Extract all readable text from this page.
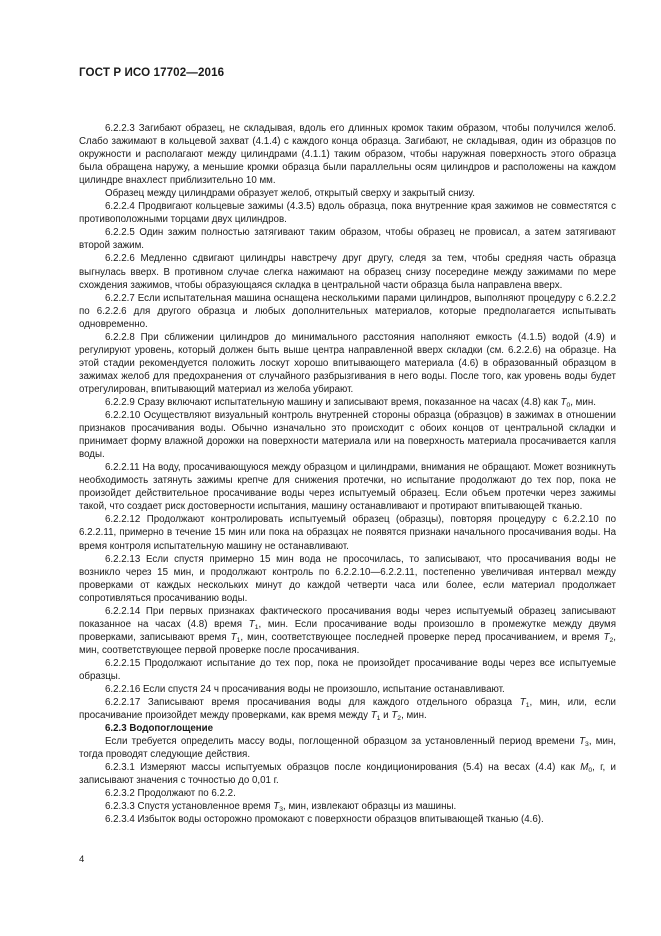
ГОСТ Р ИСО 17702—2016

6.2.2.3 Загибают образец, не складывая, вдоль его длинных кромок таким образом, чтобы получился желоб. Слабо зажимают в кольцевой захват (4.1.4) с каждого конца образца. Загибают, не складывая, один из образцов по окружности и располагают между цилиндрами (4.1.1) таким образом, чтобы наружная поверхность этого образца была обращена наружу, а меньшие кромки образца были параллельны осям цилиндров и расположены на каждом цилиндре внахлест приблизительно 10 мм.

Образец между цилиндрами образует желоб, открытый сверху и закрытый снизу.

6.2.2.4 Продвигают кольцевые зажимы (4.3.5) вдоль образца, пока внутренние края зажимов не совместятся с противоположными торцами двух цилиндров.

6.2.2.5 Один зажим полностью затягивают таким образом, чтобы образец не провисал, а затем затягивают второй зажим.

6.2.2.6 Медленно сдвигают цилиндры навстречу друг другу, следя за тем, чтобы средняя часть образца выгнулась вверх. В противном случае слегка нажимают на образец снизу посередине между зажимами по мере схождения зажимов, чтобы образующаяся складка в центральной части образца была направлена вверх.

6.2.2.7 Если испытательная машина оснащена несколькими парами цилиндров, выполняют процедуру с 6.2.2.2 по 6.2.2.6 для другого образца и любых дополнительных материалов, которые предполагается испытывать одновременно.

6.2.2.8 При сближении цилиндров до минимального расстояния наполняют емкость (4.1.5) водой (4.9) и регулируют уровень, который должен быть выше центра направленной вверх складки (см. 6.2.2.6) на образце. На этой стадии рекомендуется положить лоскут хорошо впитывающего материала (4.6) в образованный образцом в зажимах желоб для предохранения от случайного разбрызгивания в него воды. После того, как уровень воды будет отрегулирован, впитывающий материал из желоба убирают.

6.2.2.9 Сразу включают испытательную машину и записывают время, показанное на часах (4.8) как $T_0$, мин.

6.2.2.10 Осуществляют визуальный контроль внутренней стороны образца (образцов) в зажимах в отношении признаков просачивания воды. Обычно изначально это происходит с обоих концов от центральной складки и принимает форму влажной дорожки на поверхности материала или на поверхность материала просачивается капля воды.

6.2.2.11 На воду, просачивающуюся между образцом и цилиндрами, внимания не обращают. Может возникнуть необходимость затянуть зажимы крепче для снижения протечки, но испытание продолжают до тех пор, пока не произойдет действительное просачивание воды через испытуемый образец. Если объем протечки через зажимы такой, что создает риск достоверности испытания, машину останавливают и протирают впитывающей тканью.

6.2.2.12 Продолжают контролировать испытуемый образец (образцы), повторяя процедуру с 6.2.2.10 по 6.2.2.11, примерно в течение 15 мин или пока на образцах не появятся признаки начального просачивания воды. На время контроля испытательную машину не останавливают.

6.2.2.13 Если спустя примерно 15 мин вода не просочилась, то записывают, что просачивания воды не возникло через 15 мин, и продолжают контроль по 6.2.2.10—6.2.2.11, постепенно увеличивая интервал между проверками от каждых нескольких минут до каждой четверти часа или более, если материал продолжает сопротивляться просачиванию воды.

6.2.2.14 При первых признаках фактического просачивания воды через испытуемый образец записывают показанное на часах (4.8) время $T_1$, мин. Если просачивание воды произошло в промежутке между двумя проверками, записывают время $T_1$, мин, соответствующее последней проверке перед просачиванием, и время $T_2$, мин, соответствующее первой проверке после просачивания.

6.2.2.15 Продолжают испытание до тех пор, пока не произойдет просачивание воды через все испытуемые образцы.

6.2.2.16 Если спустя 24 ч просачивания воды не произошло, испытание останавливают.

6.2.2.17 Записывают время просачивания воды для каждого отдельного образца $T_1$, мин, или, если просачивание произойдет между проверками, как время между $T_1$ и $T_2$, мин.

6.2.3 Водопоглощение

Если требуется определить массу воды, поглощенной образцом за установленный период времени $T_3$, мин, тогда проводят следующие действия.

6.2.3.1 Измеряют массы испытуемых образцов после кондиционирования (5.4) на весах (4.4) как $M_0$, г, и записывают значения с точностью до 0,01 г.

6.2.3.2 Продолжают по 6.2.2.

6.2.3.3 Спустя установленное время $T_3$, мин, извлекают образцы из машины.

6.2.3.4 Избыток воды осторожно промокают с поверхности образцов впитывающей тканью (4.6).

4
